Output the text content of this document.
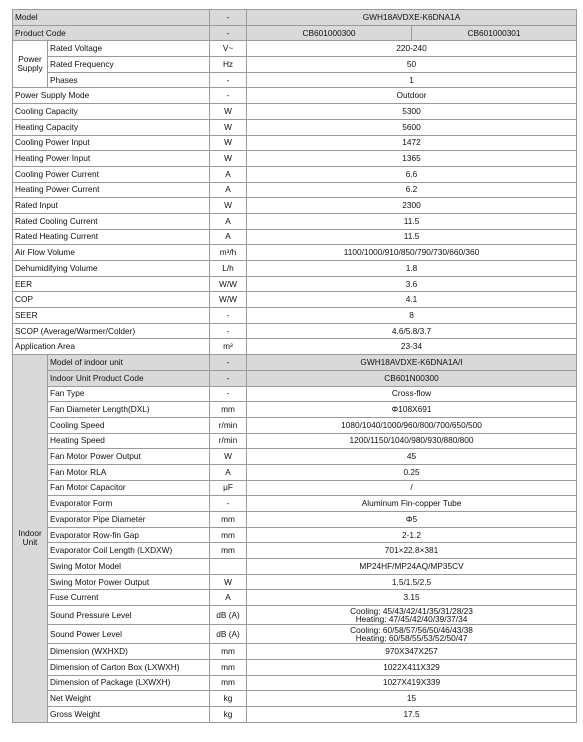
Model		-	GWH18AVDXE-K6DNA1A	
Product Code		-	CB601000300	CB601000301
Power Supply	Rated Voltage	V~	220-240	
	Rated Frequency	Hz	50	
	Phases	-	1	
Power Supply Mode		-	Outdoor	
Cooling Capacity		W	5300	
Heating Capacity		W	5600	
Cooling Power Input		W	1472	
Heating Power Input		W	1365	
Cooling Power Current		A	6.6	
Heating Power Current		A	6.2	
Rated Input		W	2300	
Rated Cooling Current		A	11.5	
Rated Heating Current		A	11.5	
Air Flow Volume		m³/h	1100/1000/910/850/790/730/660/360	
Dehumidifying Volume		L/h	1.8	
EER		W/W	3.6	
COP		W/W	4.1	
SEER		-	8	
SCOP (Average/Warmer/Colder)		-	4.6/5.8/3.7	
Application Area		m²	23-34	
Indoor Unit	Model of indoor unit	-	GWH18AVDXE-K6DNA1A/I	
	Indoor Unit Product Code	-	CB601N00300	
	Fan Type	-	Cross-flow	
	Fan Diameter Length(DXL)	mm	Φ108X691	
	Cooling Speed	r/min	1080/1040/1000/960/800/700/650/500	
	Heating Speed	r/min	1200/1150/1040/980/930/880/800	
	Fan Motor Power Output	W	45	
	Fan Motor RLA	A	0.25	
	Fan Motor Capacitor	μF	/	
	Evaporator Form	-	Aluminum Fin-copper Tube	
	Evaporator Pipe Diameter	mm	Φ5	
	Evaporator Row-fin Gap	mm	2-1.2	
	Evaporator Coil Length (LXDXW)	mm	701×22.8×381	
	Swing Motor Model		MP24HF/MP24AQ/MP35CV	
	Swing Motor Power Output	W	1.5/1.5/2.5	
	Fuse Current	A	3.15	
	Sound Pressure Level	dB (A)	Cooling: 45/43/42/41/35/31/28/23
Heating: 47/45/42/40/39/37/34	

	Sound Power Level	dB (A)	Cooling: 60/58/57/56/50/46/43/38
Heating: 60/58/55/53/52/50/47	

	Dimension (WXHXD)	mm	970X347X257	
	Dimension of Carton Box (LXWXH)	mm	1022X411X329	
	Dimension of Package (LXWXH)	mm	1027X419X339	
	Net Weight	kg	15	
	Gross Weight	kg	17.5	
